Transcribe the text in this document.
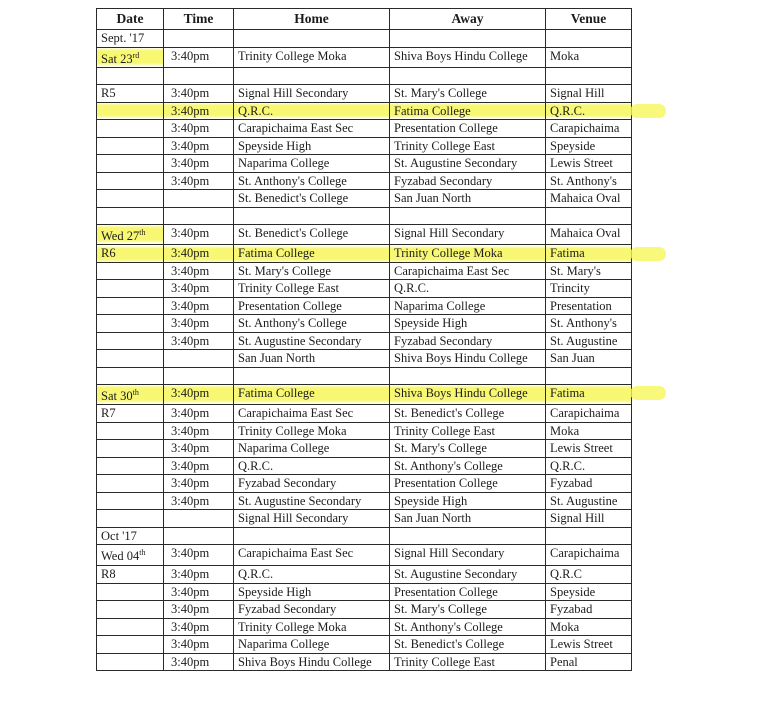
Date	Time	Home	Away	Venue
Sept. '17				
Sat 23rd	3:40pm	Trinity College Moka	Shiva Boys Hindu College	Moka

R5	3:40pm	Signal Hill Secondary	St. Mary's College	Signal Hill
	3:40pm	Q.R.C.	Fatima College	Q.R.C.
	3:40pm	Carapichaima East Sec	Presentation College	Carapichaima
	3:40pm	Speyside High	Trinity College East	Speyside
	3:40pm	Naparima College	St. Augustine Secondary	Lewis Street
	3:40pm	St. Anthony's College	Fyzabad Secondary	St. Anthony's
		St. Benedict's College	San Juan North	Mahaica Oval

Wed 27th	3:40pm	St. Benedict's College	Signal Hill Secondary	Mahaica Oval
R6	3:40pm	Fatima College	Trinity College Moka	Fatima
	3:40pm	St. Mary's College	Carapichaima East Sec	St. Mary's
	3:40pm	Trinity College East	Q.R.C.	Trincity
	3:40pm	Presentation College	Naparima College	Presentation
	3:40pm	St. Anthony's College	Speyside High	St. Anthony's
	3:40pm	St. Augustine Secondary	Fyzabad Secondary	St. Augustine
		San Juan North	Shiva Boys Hindu College	San Juan

Sat 30th	3:40pm	Fatima College	Shiva Boys Hindu College	Fatima
R7	3:40pm	Carapichaima East Sec	St. Benedict's College	Carapichaima
	3:40pm	Trinity College Moka	Trinity College East	Moka
	3:40pm	Naparima College	St. Mary's College	Lewis Street
	3:40pm	Q.R.C.	St. Anthony's College	Q.R.C.
	3:40pm	Fyzabad Secondary	Presentation College	Fyzabad
	3:40pm	St. Augustine Secondary	Speyside High	St. Augustine
		Signal Hill Secondary	San Juan North	Signal Hill
Oct '17				
Wed 04th	3:40pm	Carapichaima East Sec	Signal Hill Secondary	Carapichaima
R8	3:40pm	Q.R.C.	St. Augustine Secondary	Q.R.C
	3:40pm	Speyside High	Presentation College	Speyside
	3:40pm	Fyzabad Secondary	St. Mary's College	Fyzabad
	3:40pm	Trinity College Moka	St. Anthony's College	Moka
	3:40pm	Naparima College	St. Benedict's College	Lewis Street
	3:40pm	Shiva Boys Hindu College	Trinity College East	Penal
